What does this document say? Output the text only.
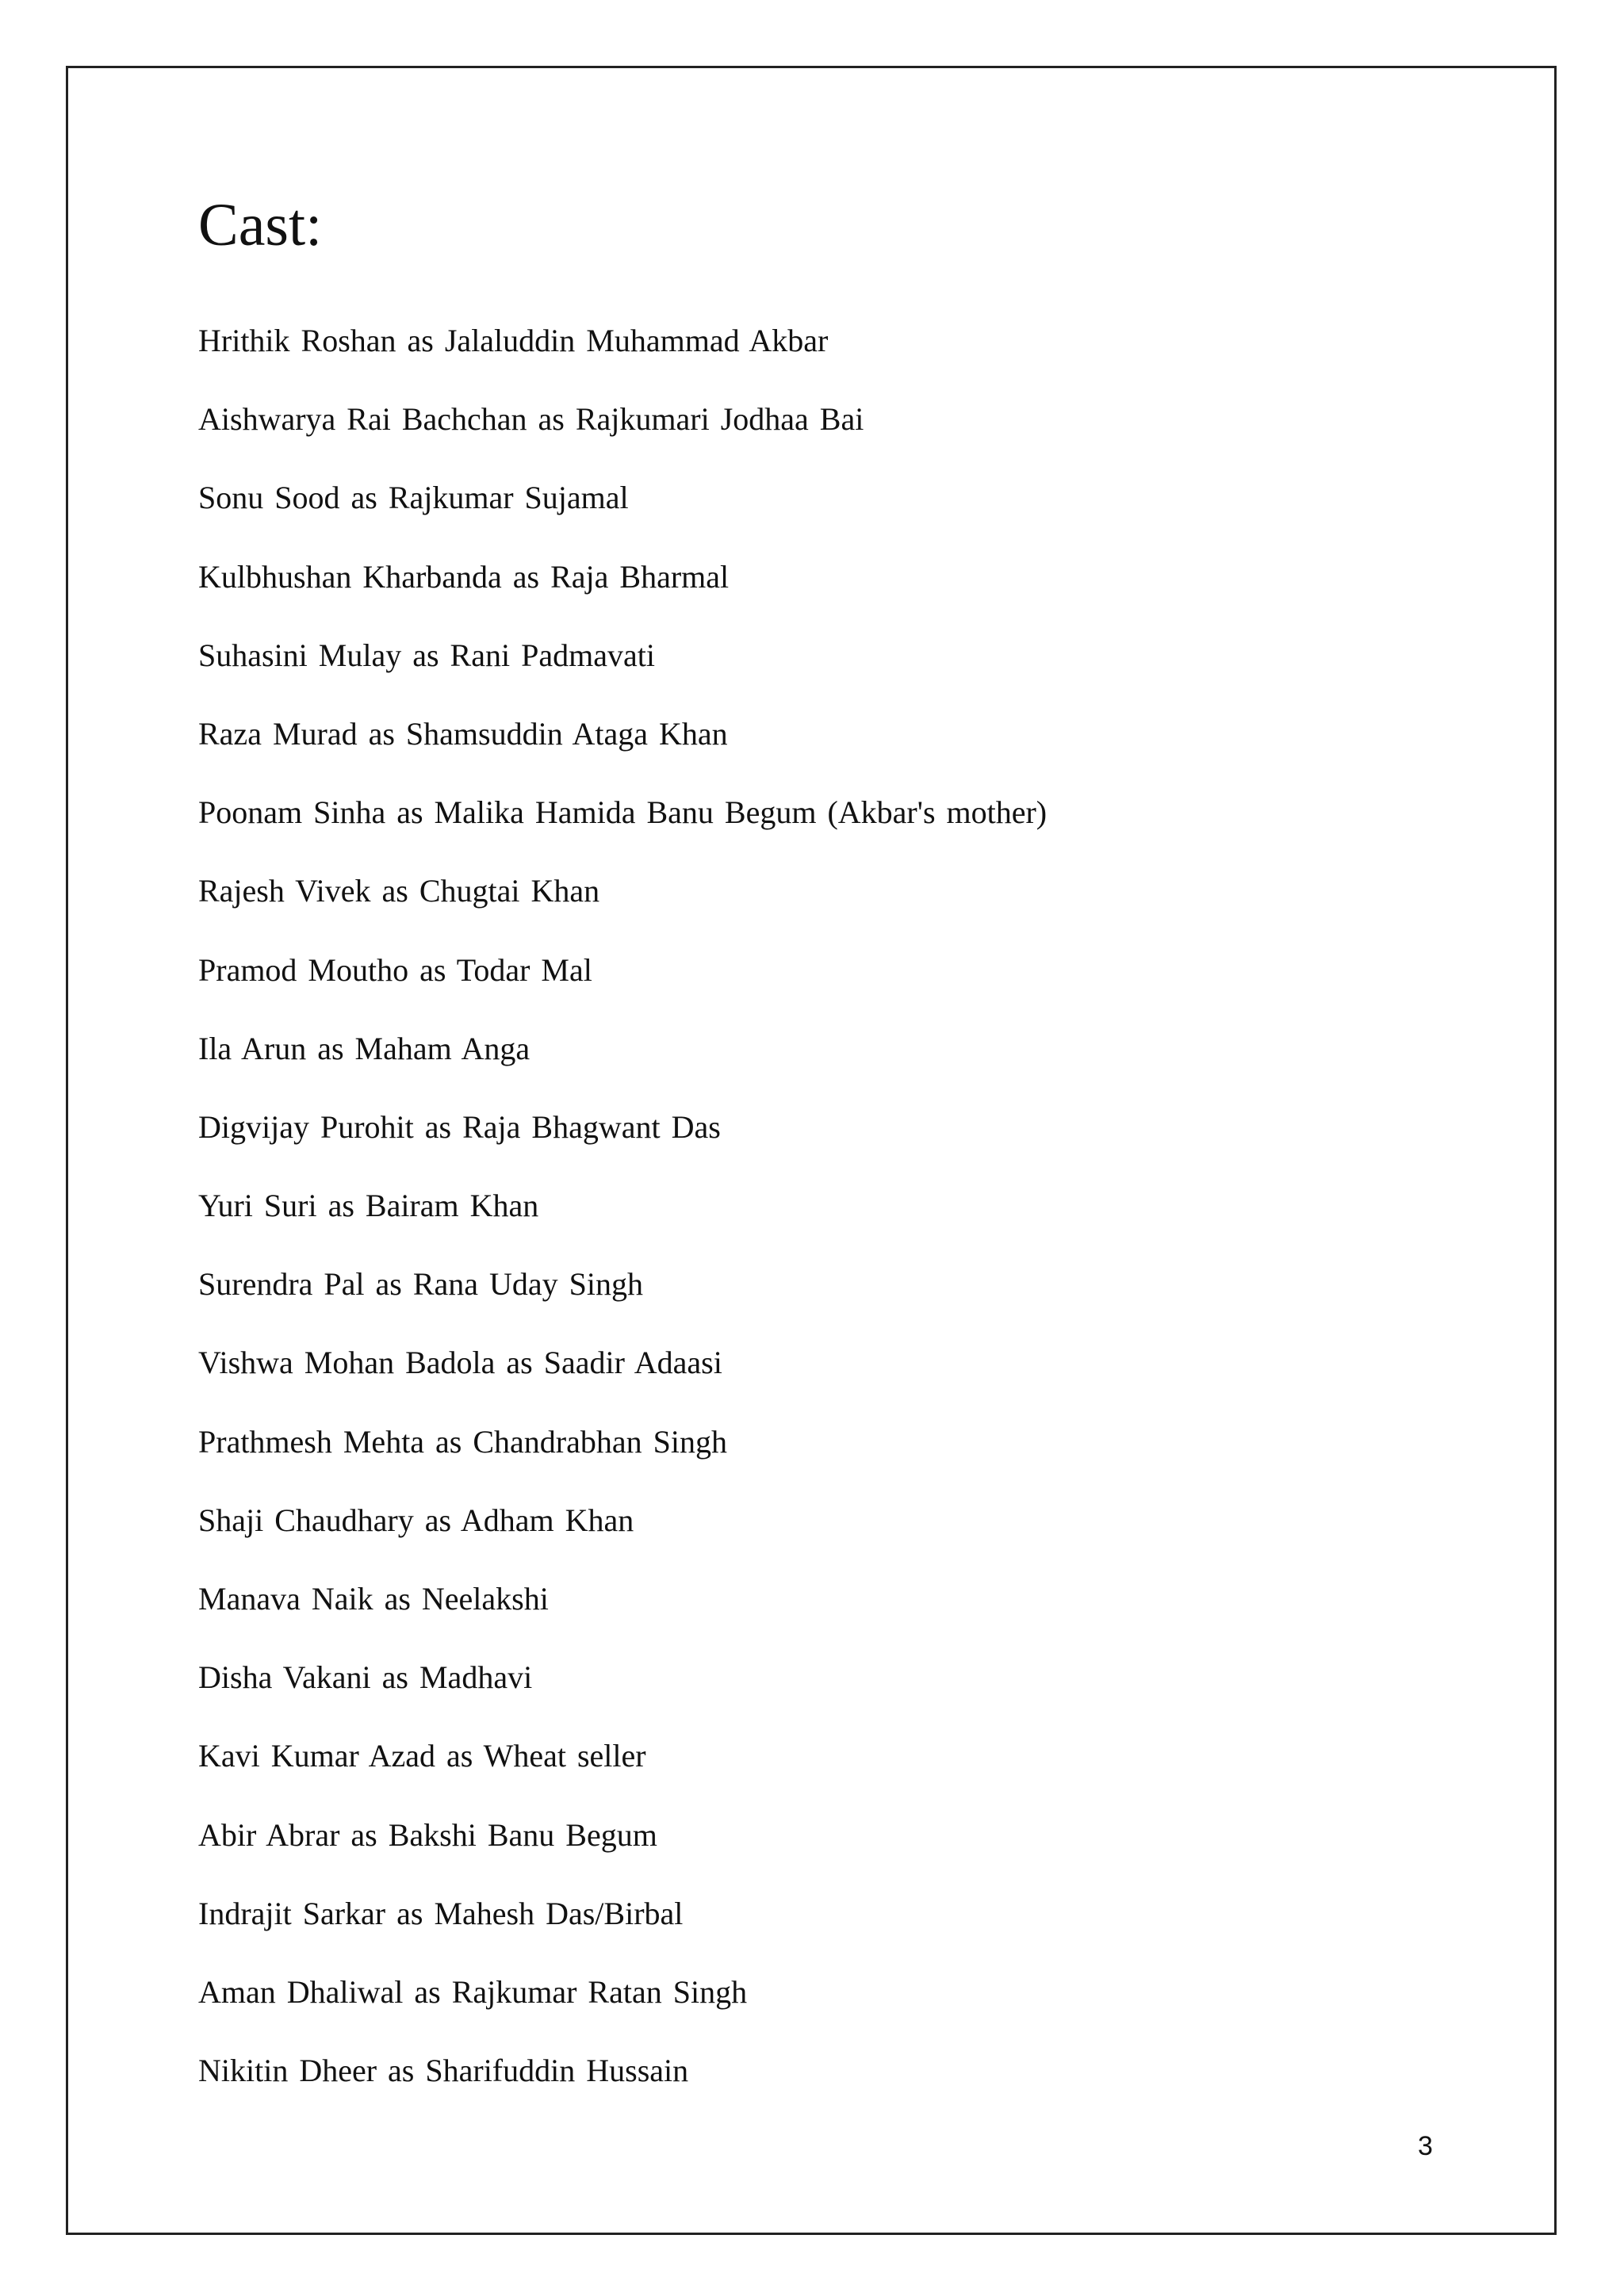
Cast:
Hrithik Roshan as Jalaluddin Muhammad Akbar
Aishwarya Rai Bachchan as Rajkumari Jodhaa Bai
Sonu Sood as Rajkumar Sujamal
Kulbhushan Kharbanda as Raja Bharmal
Suhasini Mulay as Rani Padmavati
Raza Murad as Shamsuddin Ataga Khan
Poonam Sinha as Malika Hamida Banu Begum (Akbar's mother)
Rajesh Vivek as Chugtai Khan
Pramod Moutho as Todar Mal
Ila Arun as Maham Anga
Digvijay Purohit as Raja Bhagwant Das
Yuri Suri as Bairam Khan
Surendra Pal as Rana Uday Singh
Vishwa Mohan Badola as Saadir Adaasi
Prathmesh Mehta as Chandrabhan Singh
Shaji Chaudhary as Adham Khan
Manava Naik as Neelakshi
Disha Vakani as Madhavi
Kavi Kumar Azad as Wheat seller
Abir Abrar as Bakshi Banu Begum
Indrajit Sarkar as Mahesh Das/Birbal
Aman Dhaliwal as Rajkumar Ratan Singh
Nikitin Dheer as Sharifuddin Hussain
3
